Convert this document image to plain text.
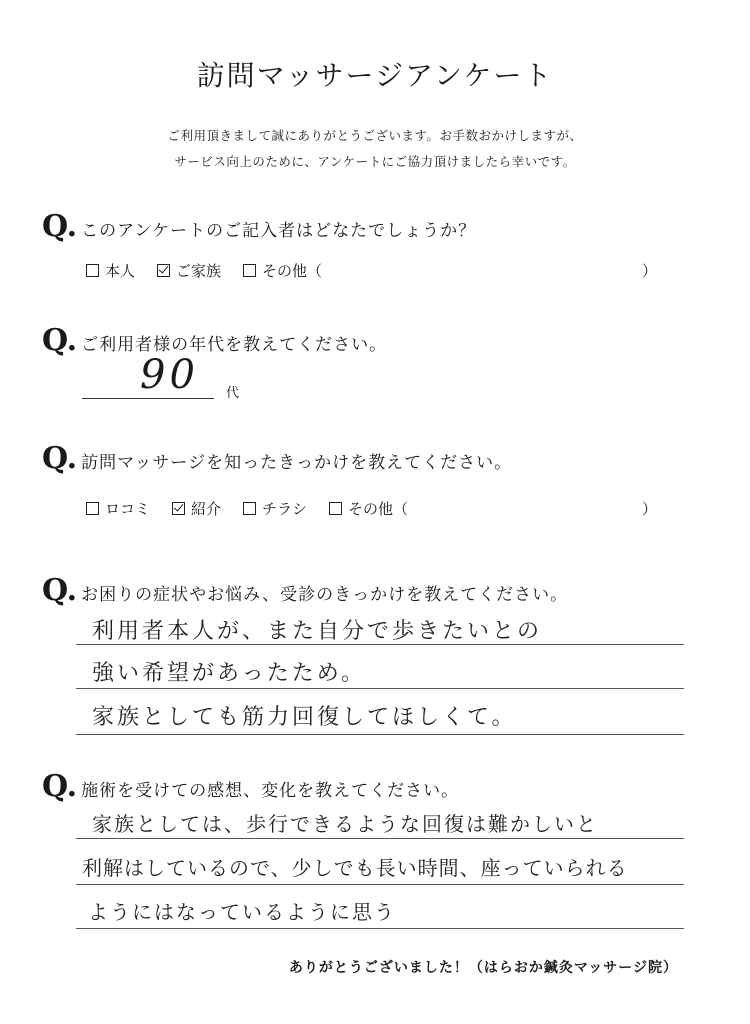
訪問マッサージアンケート
ご利用頂きまして誠にありがとうございます。お手数おかけしますが、
サービス向上のために、アンケートにご協力頂けましたら幸いです。
Q. このアンケートのご記入者はどなたでしょうか？
本人	ご家族	その他（	）
Q. ご利用者様の年代を教えてください。
90 代
Q. 訪問マッサージを知ったきっかけを教えてください。
ロコミ	紹介	チラシ	その他（	）
Q. お困りの症状やお悩み、受診のきっかけを教えてください。
利用者本人が、また自分で歩きたいとの
強い希望があったため。
家族としても筋力回復してほしくて。
Q. 施術を受けての感想、変化を教えてください。
家族としては、歩行できるような回復は難かしいと
利解はしているので、少しでも長い時間、座っていられる
ようにはなっているように思う
ありがとうございました！（はらおか鍼灸マッサージ院）
